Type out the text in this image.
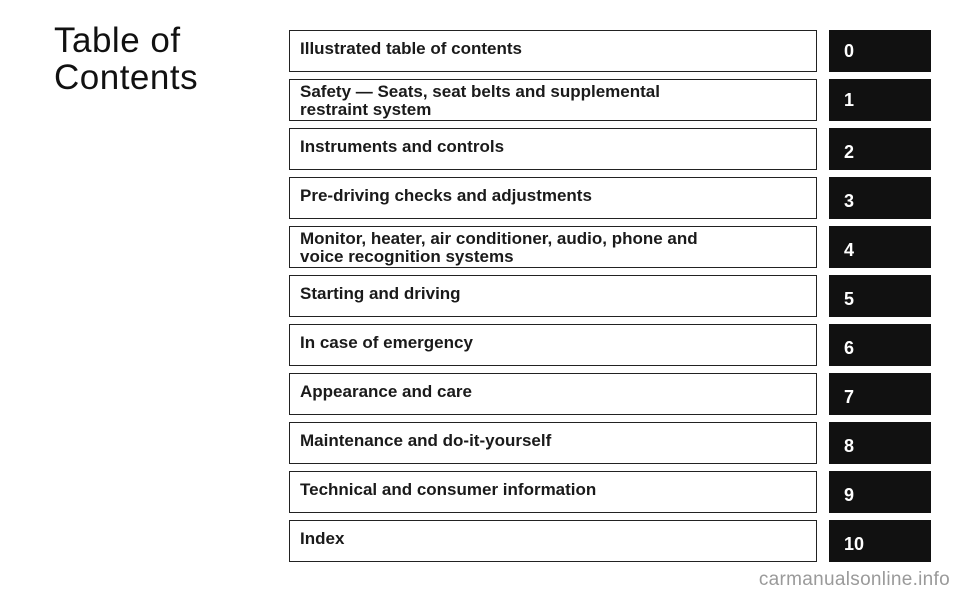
Table of
Contents
Illustrated table of contents	0
Safety — Seats, seat belts and supplemental
restraint system	1
Instruments and controls	2
Pre-driving checks and adjustments	3
Monitor, heater, air conditioner, audio, phone and
voice recognition systems	4
Starting and driving	5
In case of emergency	6
Appearance and care	7
Maintenance and do-it-yourself	8
Technical and consumer information	9
Index	10
carmanualsonline.info
